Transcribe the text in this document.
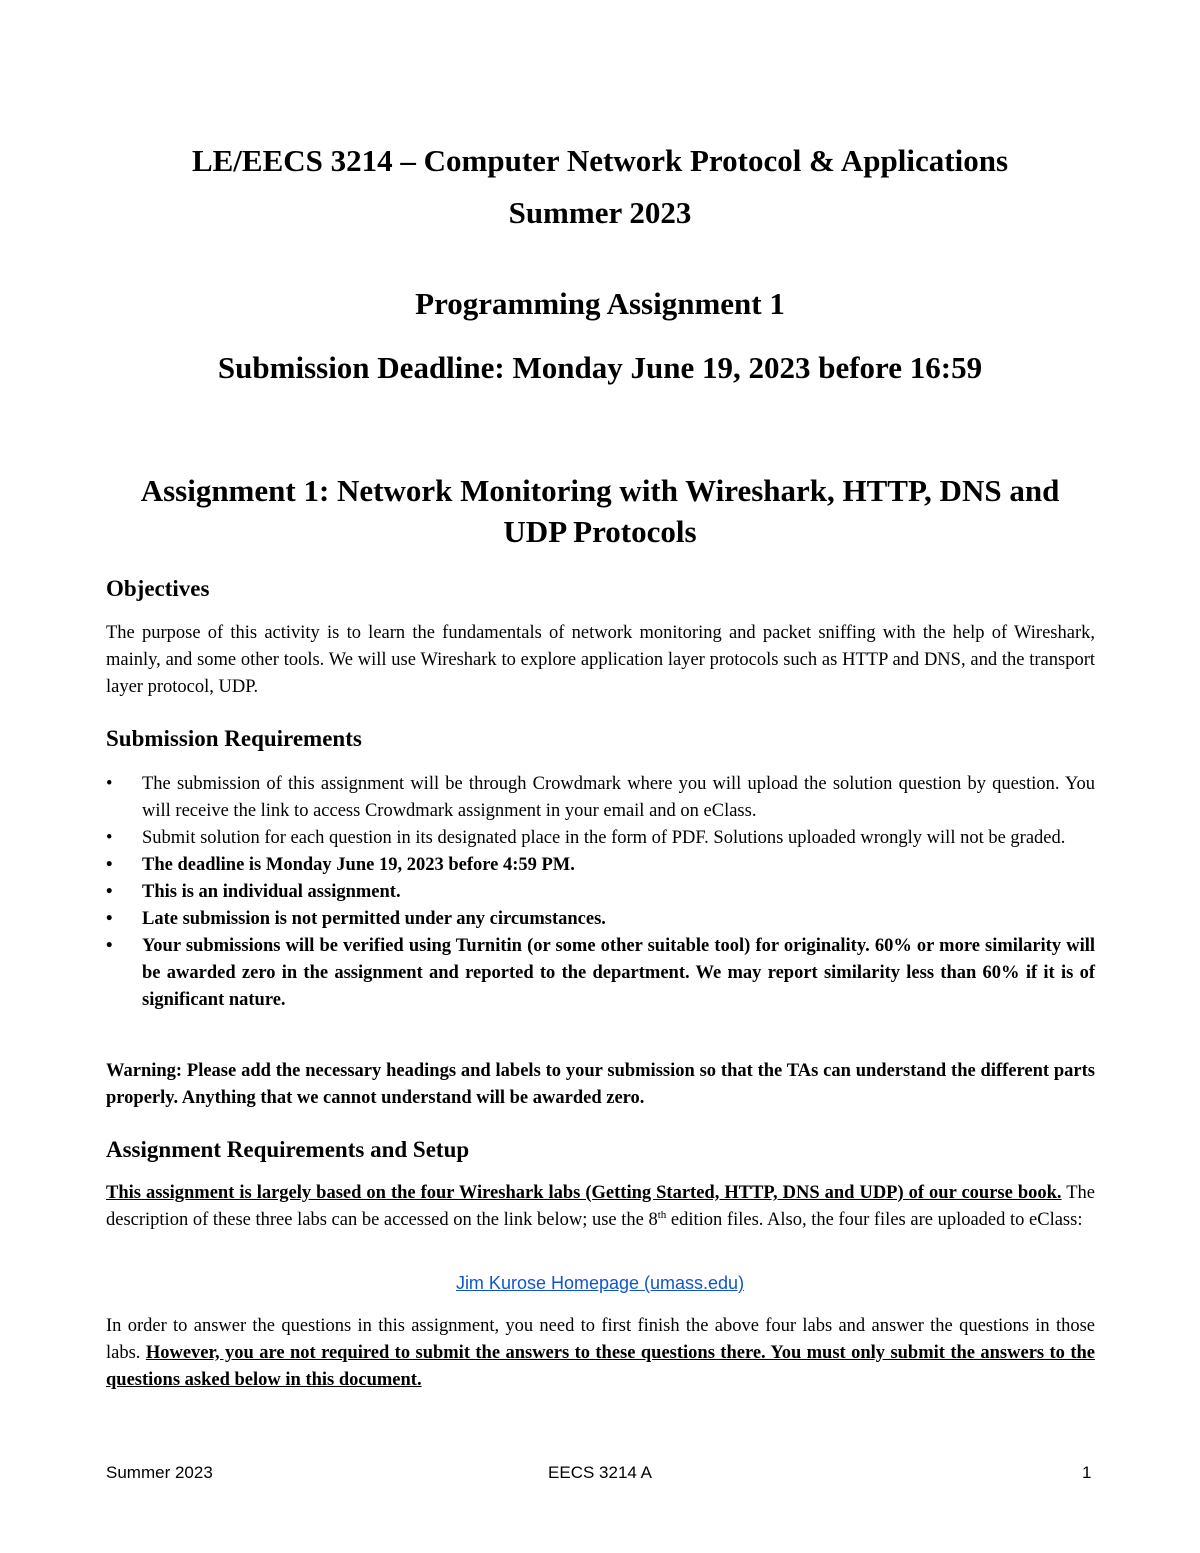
LE/EECS 3214 – Computer Network Protocol & Applications
Summer 2023
Programming Assignment 1
Submission Deadline: Monday June 19, 2023 before 16:59
Assignment 1: Network Monitoring with Wireshark, HTTP, DNS and
UDP Protocols
Objectives
The purpose of this activity is to learn the fundamentals of network monitoring and packet sniffing with the help of Wireshark, mainly, and some other tools. We will use Wireshark to explore application layer protocols such as HTTP and DNS, and the transport layer protocol, UDP.
Submission Requirements
• The submission of this assignment will be through Crowdmark where you will upload the solution question by question. You will receive the link to access Crowdmark assignment in your email and on eClass.
• Submit solution for each question in its designated place in the form of PDF. Solutions uploaded wrongly will not be graded.
• The deadline is Monday June 19, 2023 before 4:59 PM.
• This is an individual assignment.
• Late submission is not permitted under any circumstances.
• Your submissions will be verified using Turnitin (or some other suitable tool) for originality. 60% or more similarity will be awarded zero in the assignment and reported to the department. We may report similarity less than 60% if it is of significant nature.
Warning: Please add the necessary headings and labels to your submission so that the TAs can understand the different parts properly. Anything that we cannot understand will be awarded zero.
Assignment Requirements and Setup
This assignment is largely based on the four Wireshark labs (Getting Started, HTTP, DNS and UDP) of our course book. The description of these three labs can be accessed on the link below; use the 8th edition files. Also, the four files are uploaded to eClass:
Jim Kurose Homepage (umass.edu)
In order to answer the questions in this assignment, you need to first finish the above four labs and answer the questions in those labs. However, you are not required to submit the answers to these questions there. You must only submit the answers to the questions asked below in this document.
Summer 2023	EECS 3214 A	1
